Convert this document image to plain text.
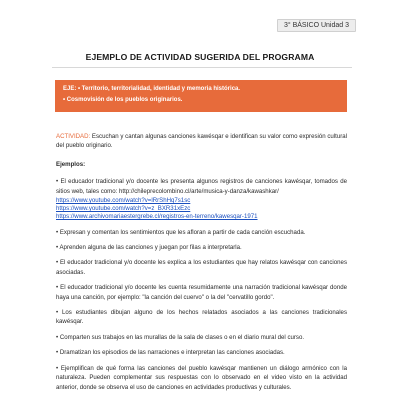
3° BÁSICO Unidad 3
EJEMPLO DE ACTIVIDAD SUGERIDA DEL PROGRAMA
EJE: • Territorio, territorialidad, identidad y memoria histórica.
• Cosmovisión de los pueblos originarios.
ACTIVIDAD: Escuchan y cantan algunas canciones kawésqar e identifican su valor como expresión cultural del pueblo originario.
Ejemplos:
• El educador tradicional y/o docente les presenta algunos registros de canciones kawésqar, tomados de sitios web, tales como: http://chileprecolombino.cl/arte/musica-y-danza/kawashkar/
https://www.youtube.com/watch?v=lRrShHq7s1sc
https://www.youtube.com/watch?v=z_BXR31xEzc
https://www.archivomariaestergrebe.cl/registros-en-terreno/kawesqar-1971
• Expresan y comentan los sentimientos que les afloran a partir de cada canción escuchada.
• Aprenden alguna de las canciones y juegan por filas a interpretarla.
• El educador tradicional y/o docente les explica a los estudiantes que hay relatos kawésqar con canciones asociadas.
• El educador tradicional y/o docente les cuenta resumidamente una narración tradicional kawésqar donde haya una canción, por ejemplo: "la canción del cuervo" o la del "cervatillo gordo".
• Los estudiantes dibujan alguno de los hechos relatados asociados a las canciones tradicionales kawésqar.
• Comparten sus trabajos en las murallas de la sala de clases o en el diario mural del curso.
• Dramatizan los episodios de las narraciones e interpretan las canciones asociadas.
• Ejemplifican de qué forma las canciones del pueblo kawésqar mantienen un diálogo armónico con la naturaleza. Pueden complementar sus respuestas con lo observado en el video visto en la actividad anterior, donde se observa el uso de canciones en actividades productivas y culturales.
